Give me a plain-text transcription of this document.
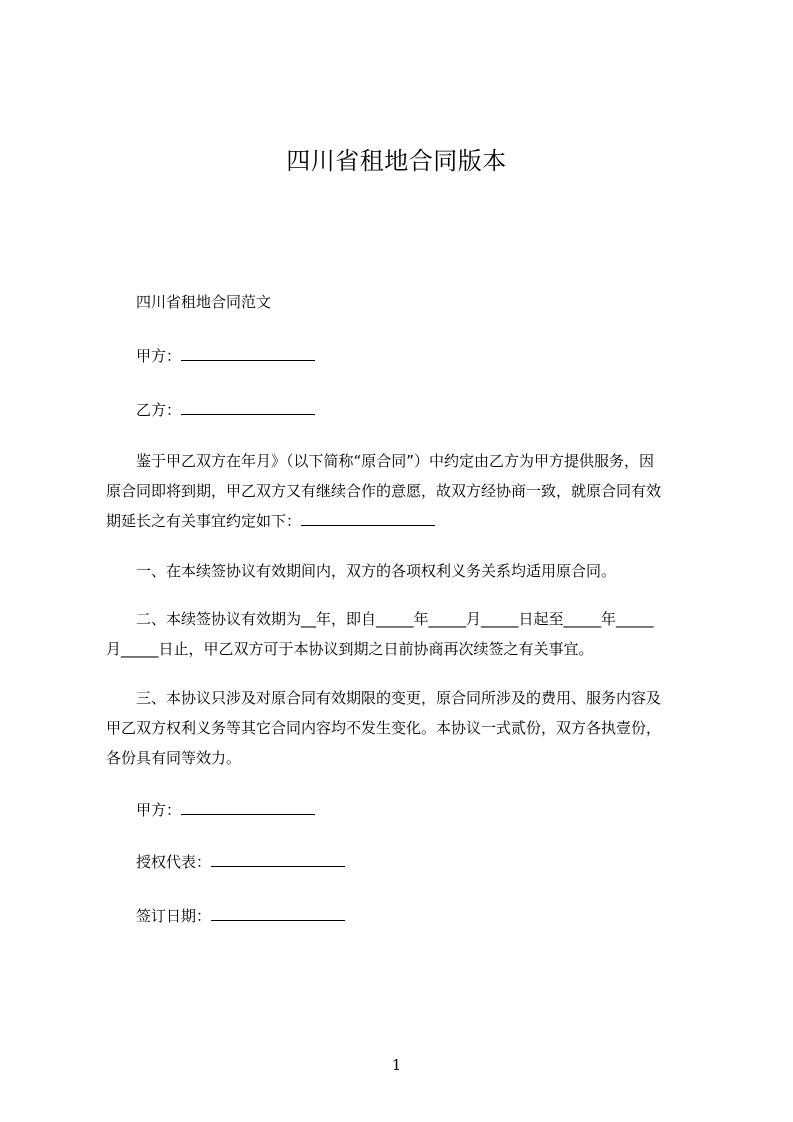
四川省租地合同版本
四川省租地合同范文
甲方：
乙方：

鉴于甲乙双方在年月》（以下简称“原合同”）中约定由乙方为甲方提供服务，因

原合同即将到期，甲乙双方又有继续合作的意愿，故双方经协商一致，就原合同有效

期延长之有关事宜约定如下：

一、在本续签协议有效期间内，双方的各项权利义务关系均适用原合同。

二、本续签协议有效期为__年，即自_____年_____月_____日起至_____年_____

月_____日止，甲乙双方可于本协议到期之日前协商再次续签之有关事宜。

三、本协议只涉及对原合同有效期限的变更，原合同所涉及的费用、服务内容及

甲乙双方权利义务等其它合同内容均不发生变化。本协议一式贰份，双方各执壹份，

各份具有同等效力。

甲方：
授权代表：
签订日期：
1
